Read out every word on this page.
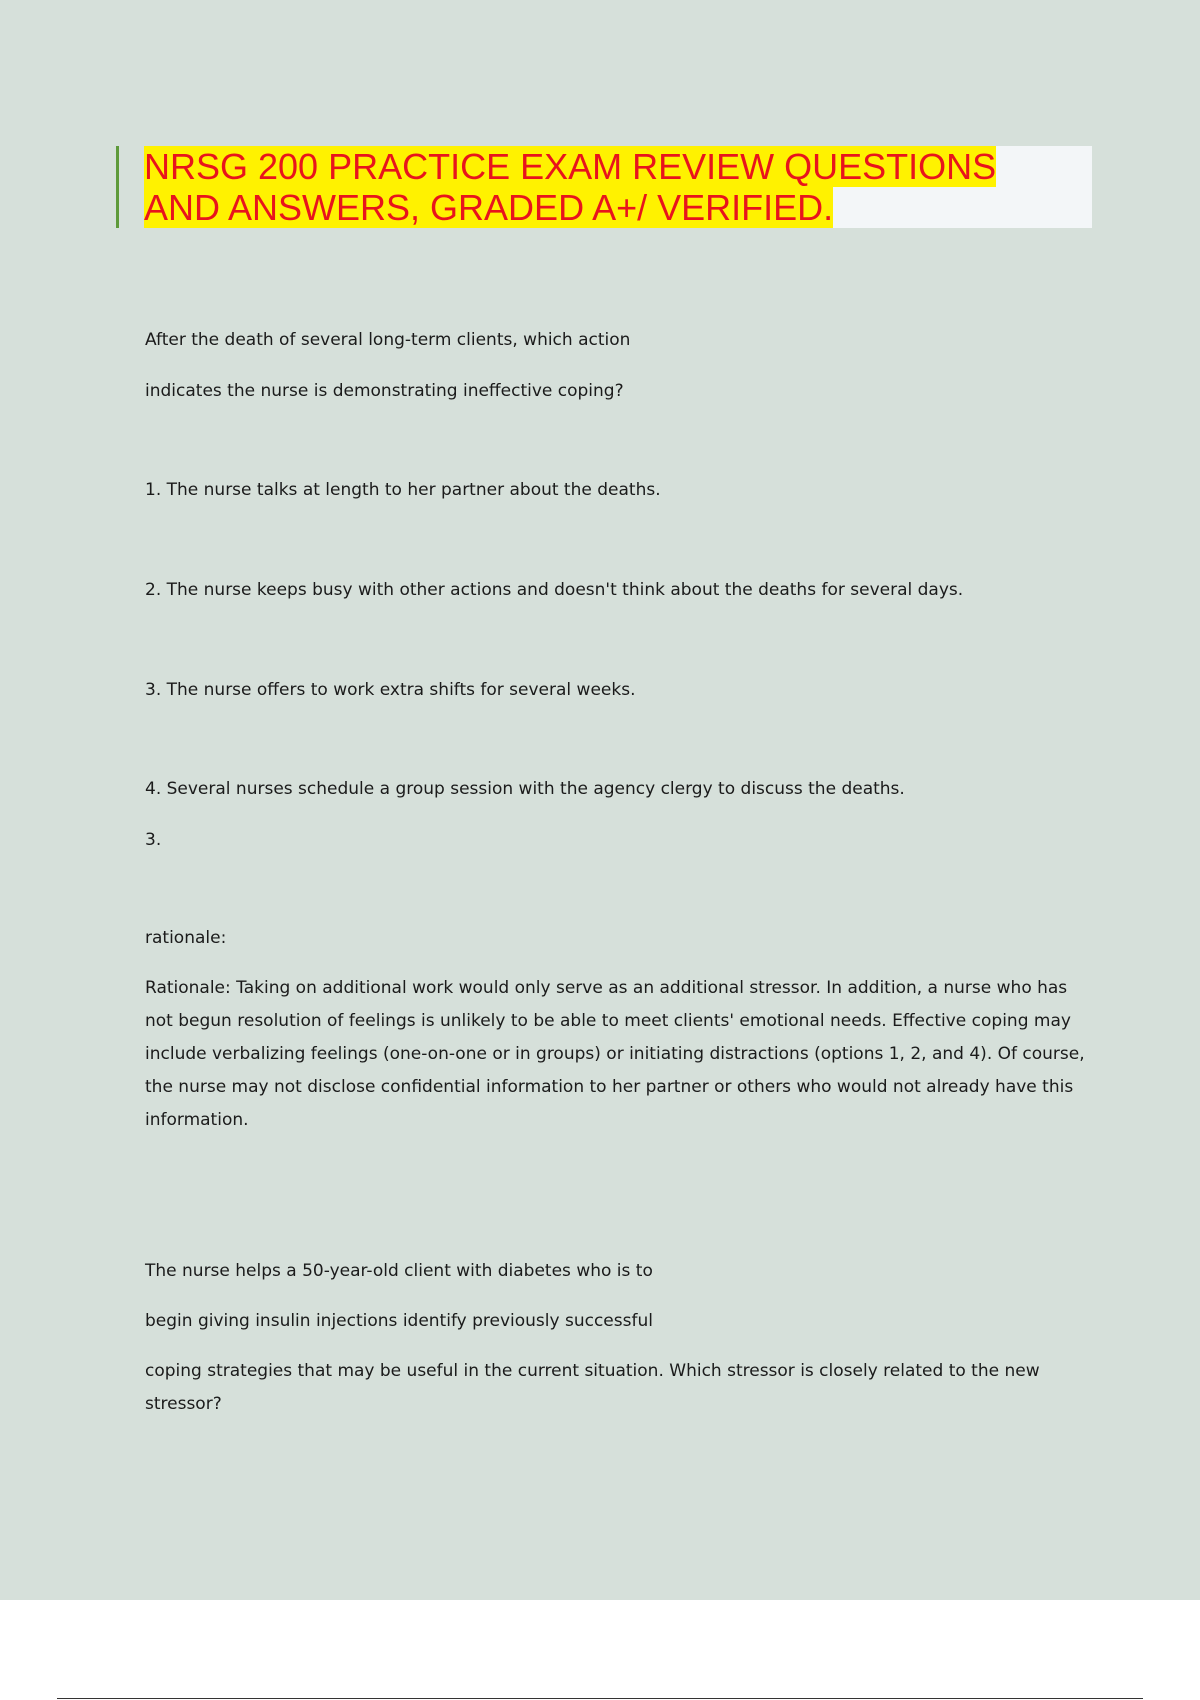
NRSG 200 PRACTICE EXAM REVIEW QUESTIONS
AND ANSWERS, GRADED A+/ VERIFIED.

After the death of several long-term clients, which action

indicates the nurse is demonstrating ineffective coping?

1. The nurse talks at length to her partner about the deaths.

2. The nurse keeps busy with other actions and doesn't think about the deaths for several days.

3. The nurse offers to work extra shifts for several weeks.

4. Several nurses schedule a group session with the agency clergy to discuss the deaths.

3.

rationale:

Rationale: Taking on additional work would only serve as an additional stressor. In addition, a nurse who has not begun resolution of feelings is unlikely to be able to meet clients' emotional needs. Effective coping may include verbalizing feelings (one-on-one or in groups) or initiating distractions (options 1, 2, and 4). Of course, the nurse may not disclose confidential information to her partner or others who would not already have this information.

The nurse helps a 50-year-old client with diabetes who is to

begin giving insulin injections identify previously successful

coping strategies that may be useful in the current situation. Which stressor is closely related to the new stressor?
